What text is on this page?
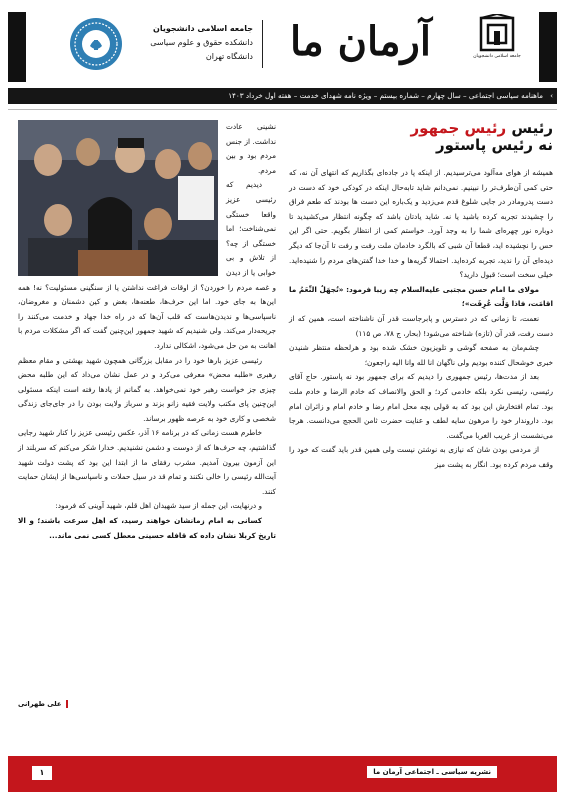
جامعه اسلامی دانشجویان
آرمان ما
جامعه اسلامی دانشجویان
دانشکده حقوق و علوم سیاسی
دانشگاه تهران
›
ماهنامه سیاسی اجتماعی – سال چهارم – شماره بیستم – ویژه نامه شهدای خدمت – هفته اول خرداد ۱۴۰۳
رئیس رئیس جمهور
نه رئیس پاستور

همیشه از هوای مه‌آلود می‌ترسیدیم. از اینکه پا در جاده‌ای بگذاریم که انتهای آن نه، که حتی کمی آن‌طرف‌تر را نبینیم. نمی‌دانم شاید تابه‌حال اینکه در کودکی خود که دست در دست پدرومادر در جایی شلوغ قدم می‌زدید و یک‌باره این دست ها بودند که طعم فراق را چشیدند تجربه کرده باشید یا نه. شاید یادتان باشد که چگونه انتظار می‌کشیدید تا دوباره نور چهره‌ای شما را به وجد آورد. خواستم کمی از انتظار بگویم. حتی اگر این حس را نچشیده اید، قطعا آن شبی که بالگرد خادمان ملت رفت و رفت تا آن‌جا که دیگر دیده‌ای آن را ندید، تجربه کرده‌اید. احتمالا گریه‌ها و خدا خدا گفتن‌های مردم را شنیده‌اید. خیلی سخت است؛ قبول دارید؟

مولای ما امام حسن مجتبی علیه‌السلام چه زیبا فرمود: «تُجهَلُ النِّعَمُ ما اقامَت، فاذا وَلَّت عُرِفَت»؛

نعمت، تا زمانی که در دسترس و پابرجاست قدر آن ناشناخته است، همین که از دست رفت، قدر آن (تازه) شناخته می‌شود! (بحار، ج ۷۸، ص ۱۱۵)

چشم‌مان به صفحه گوشی و تلویزیون خشک شده بود و هرلحظه منتظر شنیدن خبری خوشحال کننده بودیم ولی ناگهان انا لله وانا الیه راجعون؛

بعد از مدت‌ها، رئیس جمهوری را دیدیم که برای جمهور بود نه پاستور. حاج آقای رئیسی، رئیسی نکرد بلکه خادمی کرد؛ و الحق والانصاف که خادم الرضا و خادم ملت بود. تمام افتخارش این بود که به قولی بچه محل امام رضا و خادم امام و زائران امام بود. داروندار خود را مرهون سایه لطف و عنایت حضرت ثامن الحجج می‌دانست. هرجا می‌نشست از غریب الغربا می‌گفت.

از مردمی بودن شان که نیازی به نوشتن نیست ولی همین قدر باید گفت که خود را وقف مردم کرده بود. انگار به پشت میز

نشینی عادت نداشت. از جنس مردم بود و بین مردم.

دیدیم که رئیسی عزیز واقعا خستگی نمی‌شناخت؛ اما خستگی از چه؟ از تلاش و بی خوابی یا از دیدن و غصه مردم را خوردن؟ از اوقات فراغت نداشتن یا از سنگینی مسئولیت؟ نه! همه این‌ها به جای خود. اما این حرف‌ها، طعنه‌ها، بغض و کین دشمنان و مغروضان، ناسپاسی‌ها و ندیدن‌هاست که قلب آن‌ها که در راه خدا جهاد و خدمت می‌کنند را جریحه‌دار می‌کند. ولی شنیدیم که شهید جمهور این‌چنین گفت که اگر مشکلات مردم با اهانت به من حل می‌شود، اشکالی ندارد.

رئیسی عزیز بارها خود را در مقابل بزرگانی همچون شهید بهشتی و مقام معظم رهبری «طلبه محض» معرفی می‌کرد و در عمل نشان می‌داد که این طلبه محض چیزی جز خواست رهبر خود نمی‌خواهد. به گمانم از یادها رفته است اینکه مسئولی این‌چنین پای مکتب ولایت فقیه زانو بزند و سرباز ولایت بودن را در جای‌جای زندگی شخصی و کاری خود به عرصه ظهور برساند.

خاطرم هست زمانی که در برنامه ۱۶ آذر، عکس رئیسی عزیز را کنار شهید رجایی گذاشتیم، چه حرف‌ها که از دوست و دشمن نشنیدیم. خدارا شکر می‌کنم که سربلند از این آزمون بیرون آمدیم. مشرب رفقای ما از ابتدا این بود که پشت دولت شهید آیت‌الله رئیسی را خالی نکنند و تمام قد در سیل حملات و ناسپاسی‌ها از ایشان حمایت کنند.

و درنهایت، این جمله از سید شهیدان اهل قلم، شهید آوینی که فرمود:

کسانی به امام زمانشان خواهند رسید، که اهل سرعت باشند؛ و الا تاریخ کربلا نشان داده که قافله حسینی معطل کسی نمی ماند...

علی طهرانی
نشریه سیاسی ـ اجتماعی آرمان ما
۱
